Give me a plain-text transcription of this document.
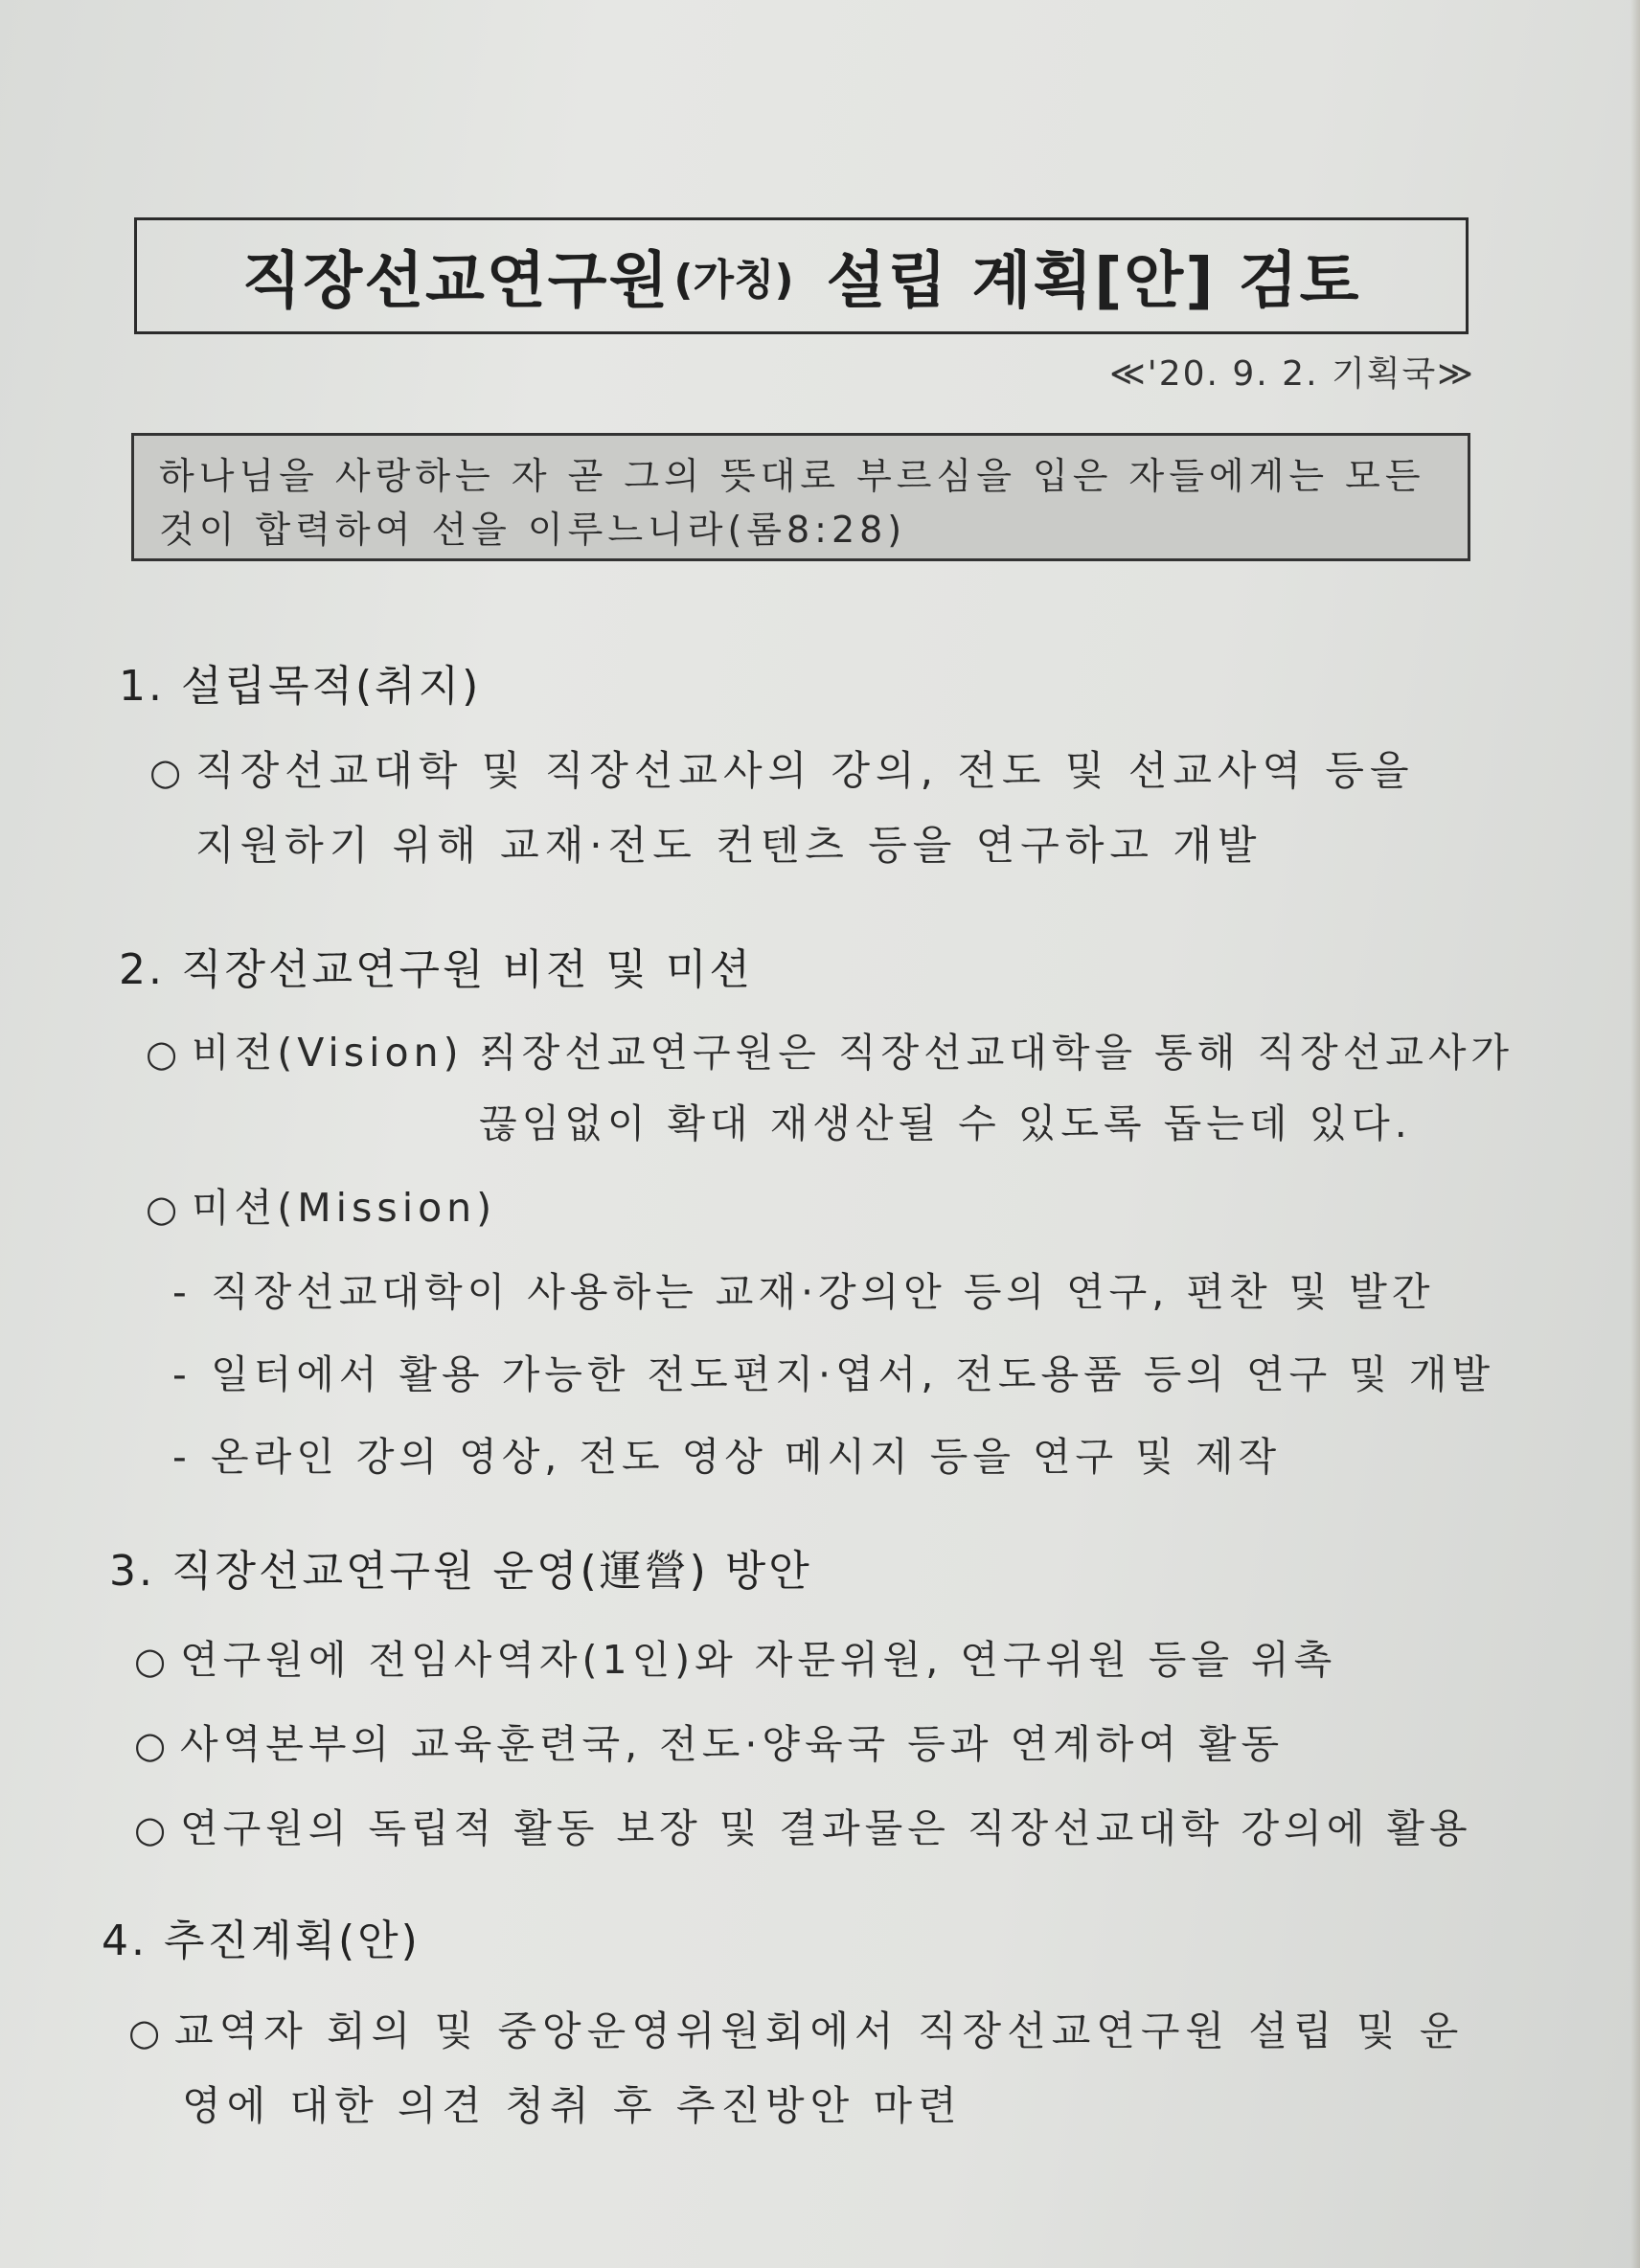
직장선교연구원 (가칭) 설립 계획[안] 검토
≪'20. 9. 2. 기획국≫
하나님을 사랑하는 자 곧 그의 뜻대로 부르심을 입은 자들에게는 모든
것이 합력하여 선을 이루느니라(롬8:28)
1. 설립목적(취지)
○ 직장선교대학 및 직장선교사의 강의, 전도 및 선교사역 등을
지원하기 위해 교재·전도 컨텐츠 등을 연구하고 개발
2. 직장선교연구원 비전 및 미션
○ 비전(Vision) :
직장선교연구원은 직장선교대학을 통해 직장선교사가
끊임없이 확대 재생산될 수 있도록 돕는데 있다.
○ 미션(Mission)
- 직장선교대학이 사용하는 교재·강의안 등의 연구, 편찬 및 발간
- 일터에서 활용 가능한 전도편지·엽서, 전도용품 등의 연구 및 개발
- 온라인 강의 영상, 전도 영상 메시지 등을 연구 및 제작
3. 직장선교연구원 운영(運營) 방안
○ 연구원에 전임사역자(1인)와 자문위원, 연구위원 등을 위촉
○ 사역본부의 교육훈련국, 전도·양육국 등과 연계하여 활동
○ 연구원의 독립적 활동 보장 및 결과물은 직장선교대학 강의에 활용
4. 추진계획(안)
○ 교역자 회의 및 중앙운영위원회에서 직장선교연구원 설립 및 운
영에 대한 의견 청취 후 추진방안 마련
